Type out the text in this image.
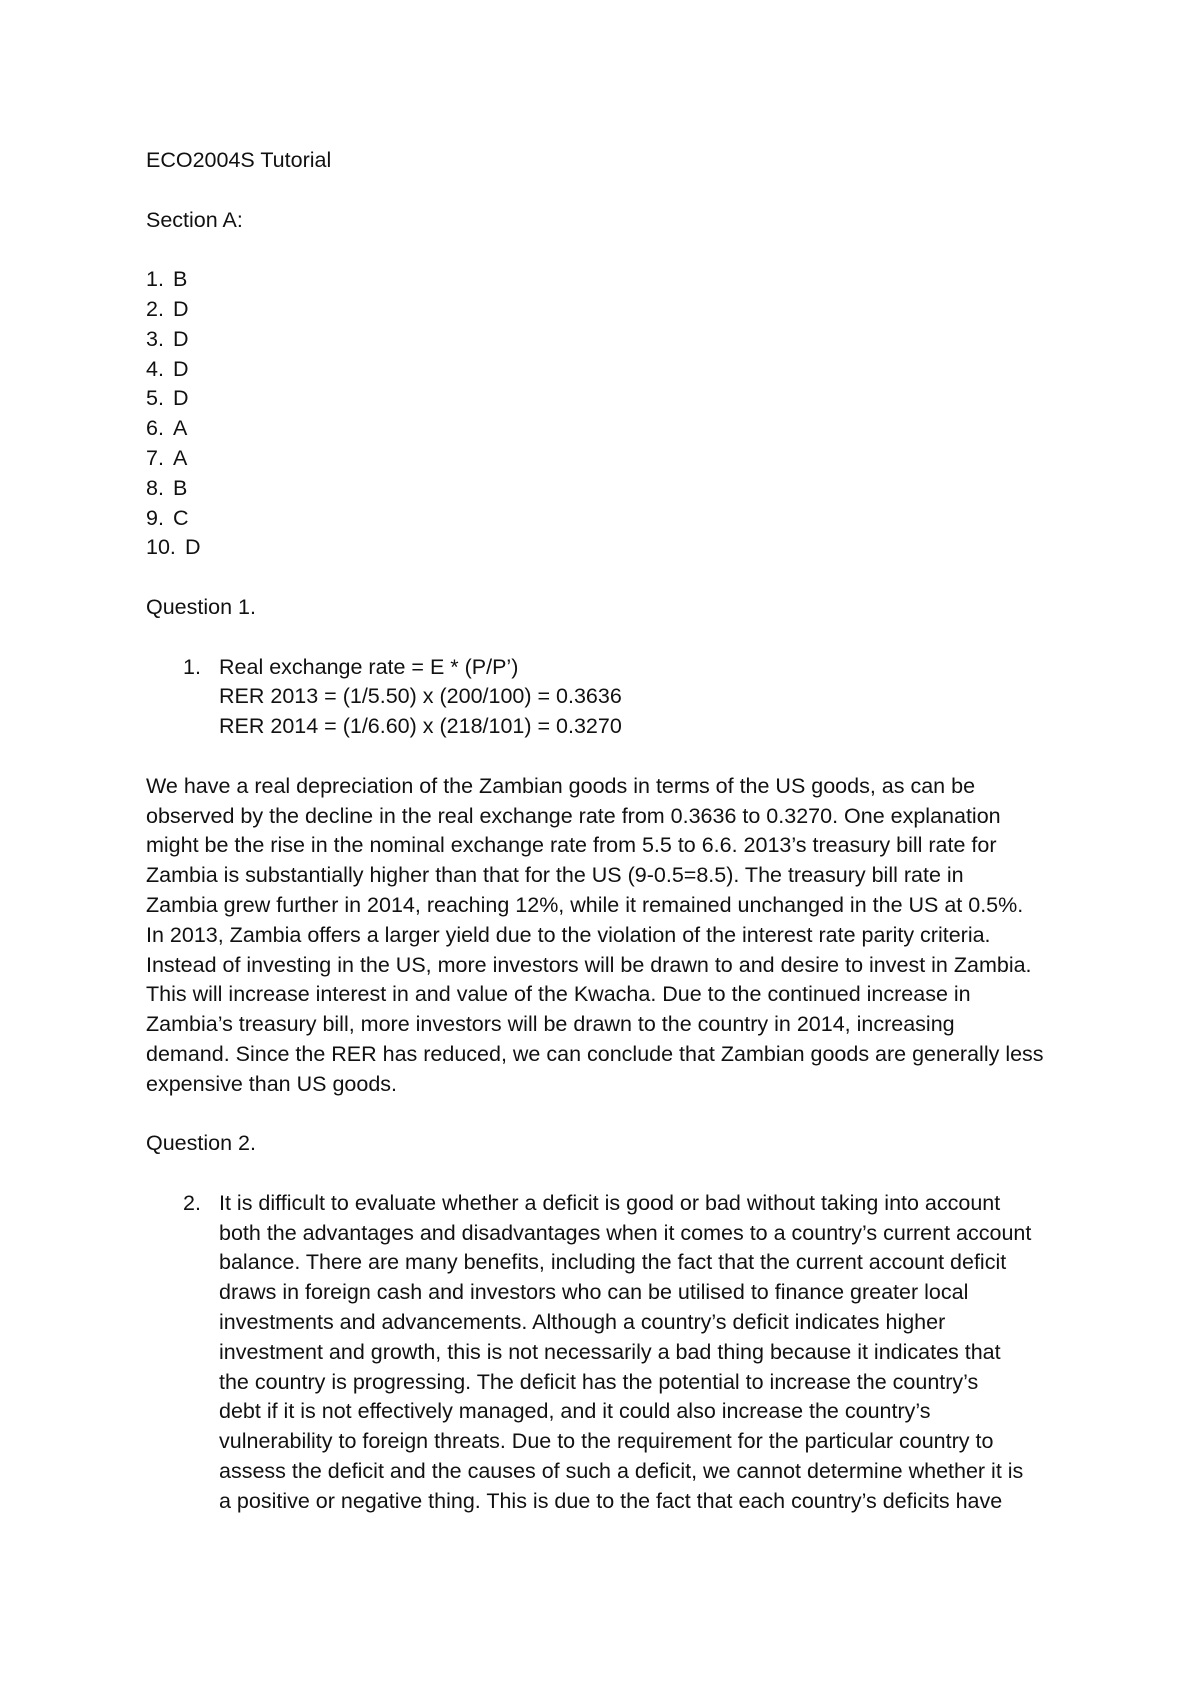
ECO2004S Tutorial

Section A:

1. B
2. D
3. D
4. D
5. D
6. A
7. A
8. B
9. C
10. D

Question 1.

1. Real exchange rate = E * (P/P’)

RER 2013 = (1/5.50) x (200/100) = 0.3636

RER 2014 = (1/6.60) x (218/101) = 0.3270

We have a real depreciation of the Zambian goods in terms of the US goods, as can be

observed by the decline in the real exchange rate from 0.3636 to 0.3270. One explanation

might be the rise in the nominal exchange rate from 5.5 to 6.6. 2013’s treasury bill rate for

Zambia is substantially higher than that for the US (9-0.5=8.5). The treasury bill rate in

Zambia grew further in 2014, reaching 12%, while it remained unchanged in the US at 0.5%.

In 2013, Zambia offers a larger yield due to the violation of the interest rate parity criteria.

Instead of investing in the US, more investors will be drawn to and desire to invest in Zambia.

This will increase interest in and value of the Kwacha. Due to the continued increase in

Zambia’s treasury bill, more investors will be drawn to the country in 2014, increasing

demand. Since the RER has reduced, we can conclude that Zambian goods are generally less

expensive than US goods.

Question 2.

2. It is difficult to evaluate whether a deficit is good or bad without taking into account

both the advantages and disadvantages when it comes to a country’s current account

balance. There are many benefits, including the fact that the current account deficit

draws in foreign cash and investors who can be utilised to finance greater local

investments and advancements. Although a country’s deficit indicates higher

investment and growth, this is not necessarily a bad thing because it indicates that

the country is progressing. The deficit has the potential to increase the country’s

debt if it is not effectively managed, and it could also increase the country’s

vulnerability to foreign threats. Due to the requirement for the particular country to

assess the deficit and the causes of such a deficit, we cannot determine whether it is

a positive or negative thing. This is due to the fact that each country’s deficits have
